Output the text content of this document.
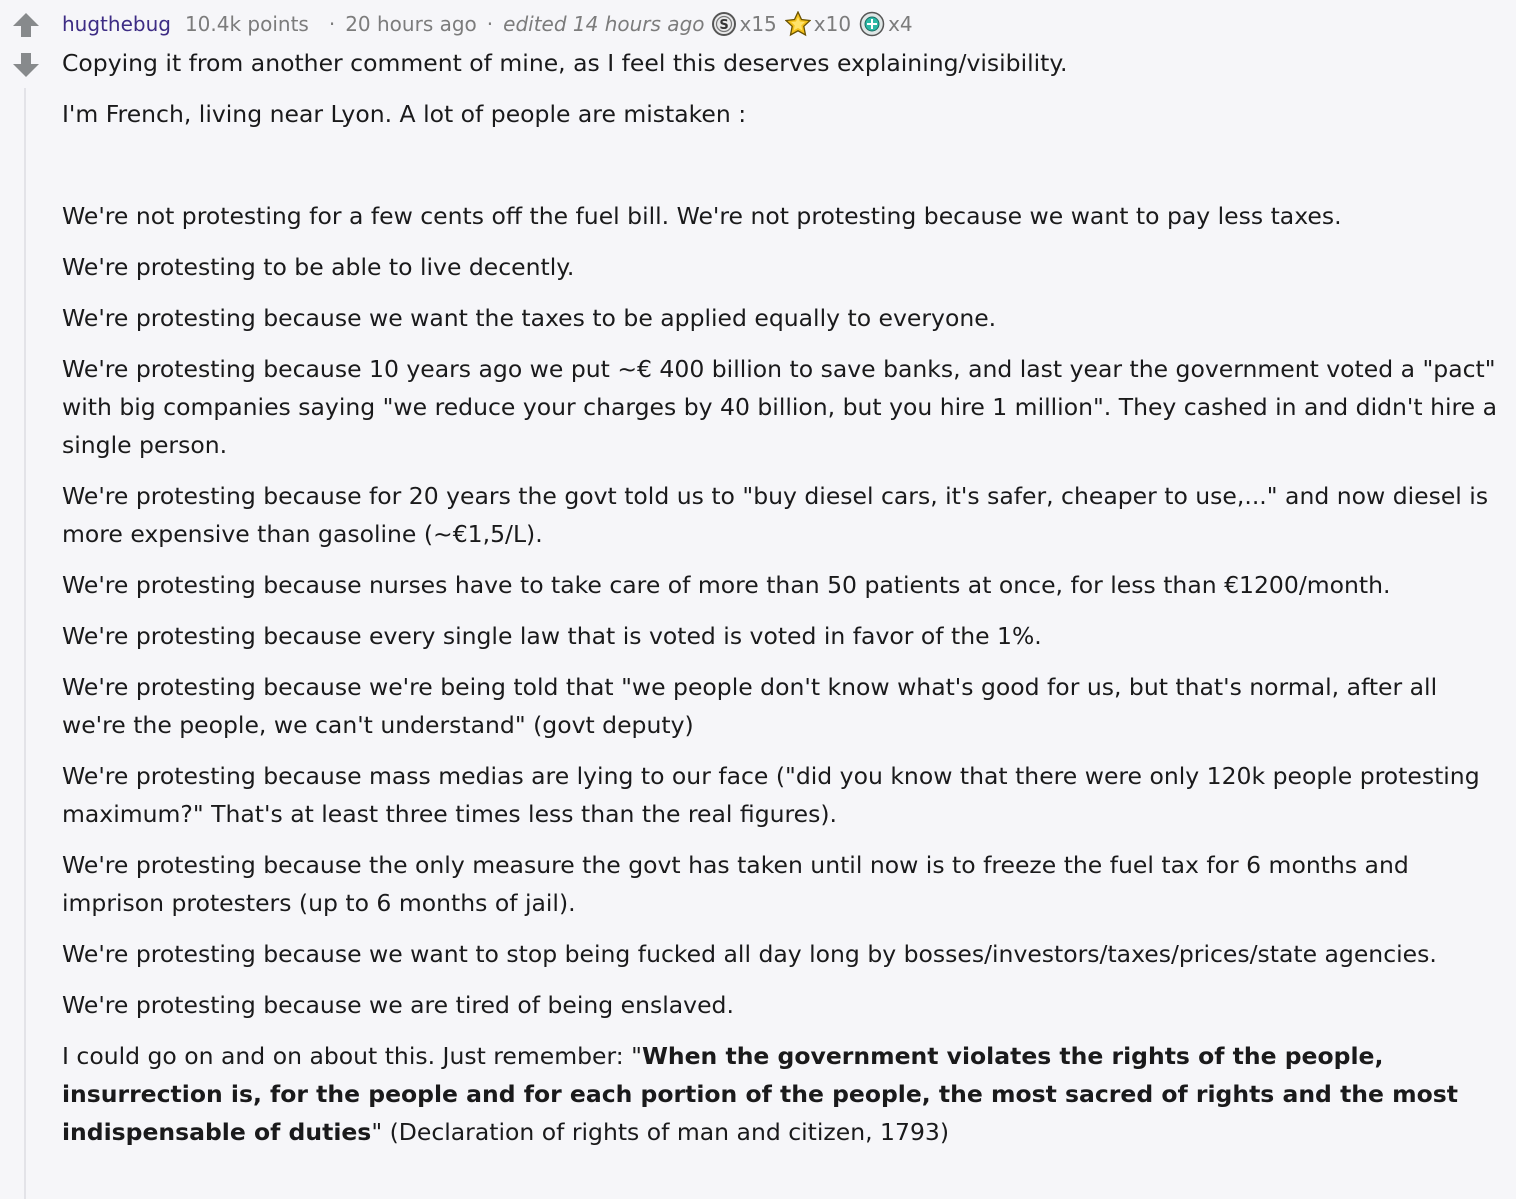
hugthebug 10.4k points · 20 hours ago · edited 14 hours ago S x15 x10 x4

Copying it from another comment of mine, as I feel this deserves explaining/visibility.

I'm French, living near Lyon. A lot of people are mistaken :

We're not protesting for a few cents off the fuel bill. We're not protesting because we want to pay less taxes.

We're protesting to be able to live decently.

We're protesting because we want the taxes to be applied equally to everyone.

We're protesting because 10 years ago we put ~€ 400 billion to save banks, and last year the government voted a "pact" with big companies saying "we reduce your charges by 40 billion, but you hire 1 million". They cashed in and didn't hire a single person.

We're protesting because for 20 years the govt told us to "buy diesel cars, it's safer, cheaper to use,..." and now diesel is more expensive than gasoline (~€1,5/L).

We're protesting because nurses have to take care of more than 50 patients at once, for less than €1200/month.

We're protesting because every single law that is voted is voted in favor of the 1%.

We're protesting because we're being told that "we people don't know what's good for us, but that's normal, after all we're the people, we can't understand" (govt deputy)

We're protesting because mass medias are lying to our face ("did you know that there were only 120k people protesting maximum?" That's at least three times less than the real figures).

We're protesting because the only measure the govt has taken until now is to freeze the fuel tax for 6 months and imprison protesters (up to 6 months of jail).

We're protesting because we want to stop being fucked all day long by bosses/investors/taxes/prices/state agencies.

We're protesting because we are tired of being enslaved.

I could go on and on about this. Just remember: "When the government violates the rights of the people, insurrection is, for the people and for each portion of the people, the most sacred of rights and the most indispensable of duties" (Declaration of rights of man and citizen, 1793)
